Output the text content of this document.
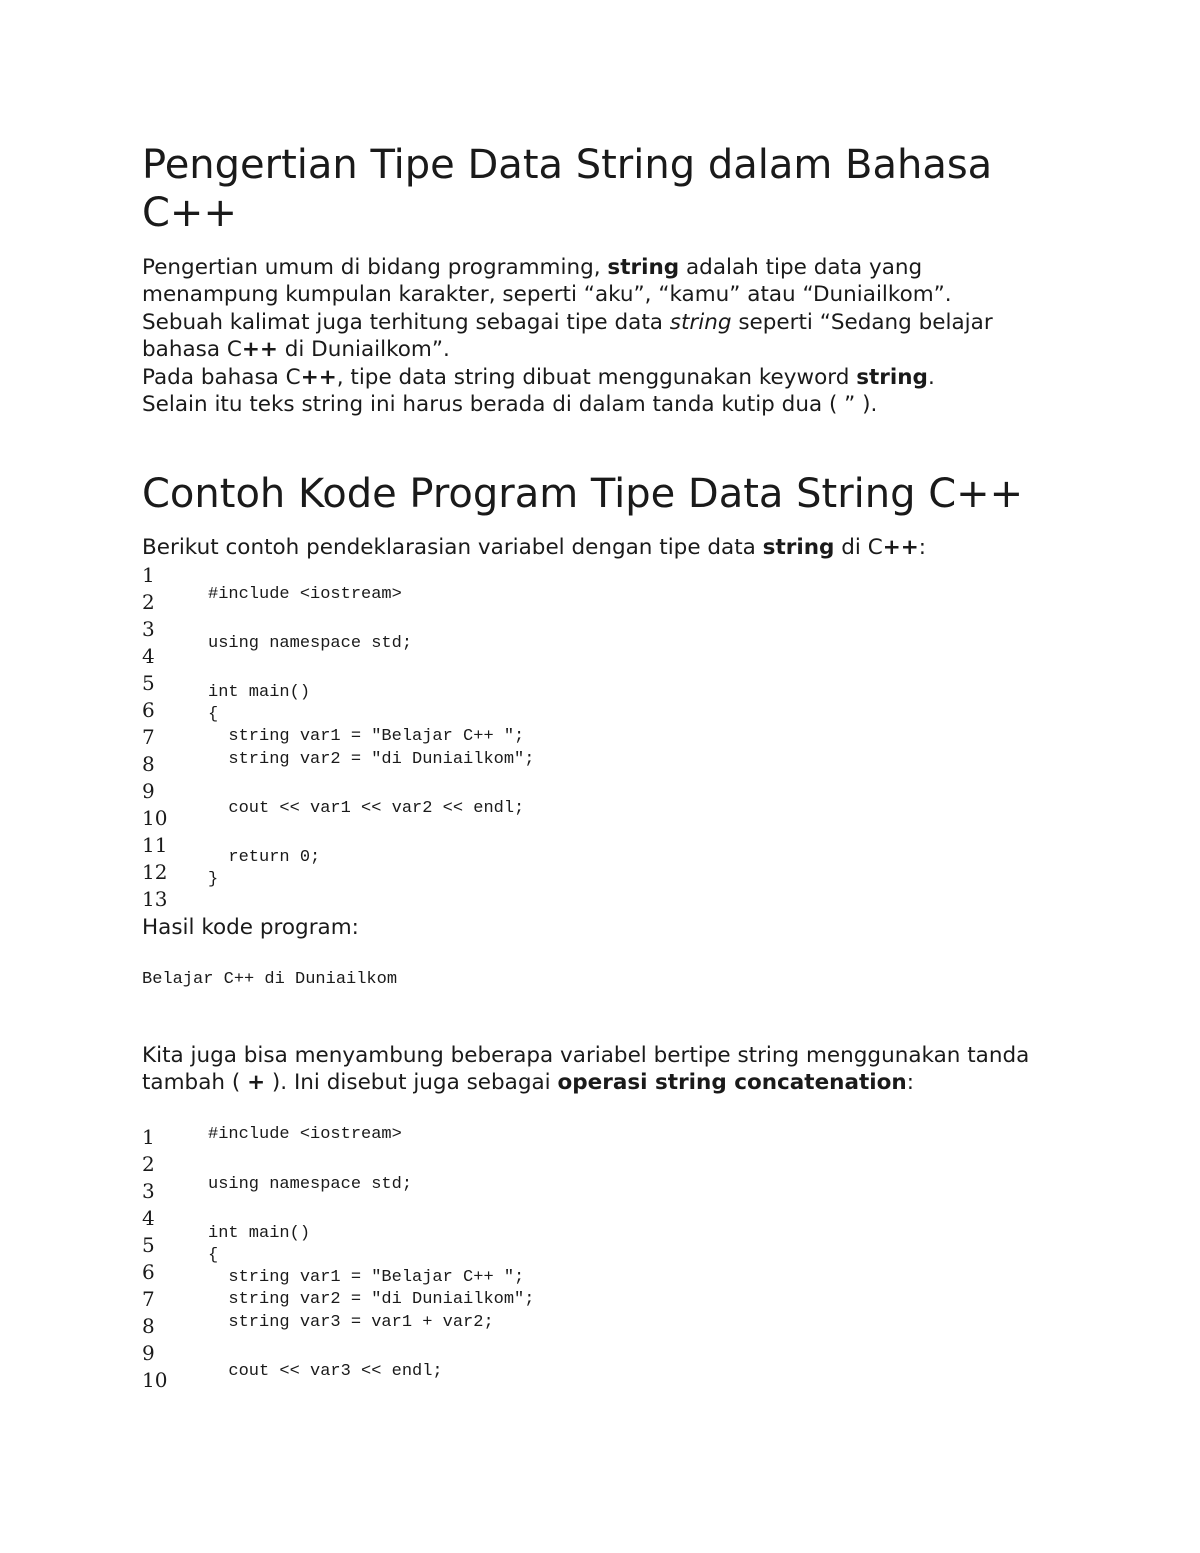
Pengertian Tipe Data String dalam Bahasa C++

Pengertian umum di bidang programming, string adalah tipe data yang menampung kumpulan karakter, seperti “aku”, “kamu” atau “Duniailkom”.

Sebuah kalimat juga terhitung sebagai tipe data string seperti “Sedang belajar bahasa C++ di Duniailkom”.

Pada bahasa C++, tipe data string dibuat menggunakan keyword string.

Selain itu teks string ini harus berada di dalam tanda kutip dua ( ” ).

Contoh Kode Program Tipe Data String C++

Berikut contoh pendeklarasian variabel dengan tipe data string di C++:

1
2
3
4
5
6
7
8
9
10
11
12
13
#include <iostream>

using namespace std;

int main()
{
string var1 = "Belajar C++ ";
string var2 = "di Duniailkom";

cout << var1 << var2 << endl;

return 0;
}

Hasil kode program:

Belajar C++ di Duniailkom

Kita juga bisa menyambung beberapa variabel bertipe string menggunakan tanda tambah ( + ). Ini disebut juga sebagai operasi string concatenation:

1
2
3
4
5
6
7
8
9
10
#include <iostream>

using namespace std;

int main()
{
string var1 = "Belajar C++ ";
string var2 = "di Duniailkom";
string var3 = var1 + var2;

cout << var3 << endl;
